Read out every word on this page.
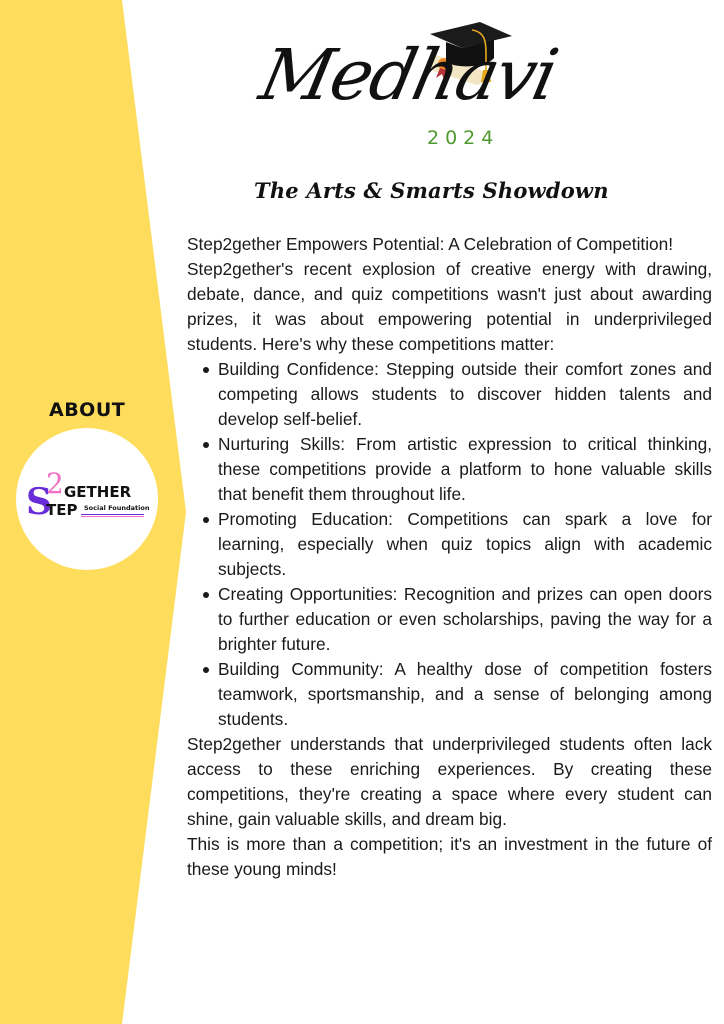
Medhavi
2024
The Arts & Smarts Showdown
ABOUT
S
2 GETHER
TEP Social Foundation

Step2gether Empowers Potential: A Celebration of Competition!

Step2gether's recent explosion of creative energy with drawing, debate, dance, and quiz competitions wasn't just about awarding prizes, it was about empowering potential in underprivileged students. Here's why these competitions matter:

Building Confidence: Stepping outside their comfort zones and competing allows students to discover hidden talents and develop self-belief.
Nurturing Skills: From artistic expression to critical thinking, these competitions provide a platform to hone valuable skills that benefit them throughout life.
Promoting Education: Competitions can spark a love for learning, especially when quiz topics align with academic subjects.
Creating Opportunities: Recognition and prizes can open doors to further education or even scholarships, paving the way for a brighter future.
Building Community: A healthy dose of competition fosters teamwork, sportsmanship, and a sense of belonging among students.

Step2gether understands that underprivileged students often lack access to these enriching experiences. By creating these competitions, they're creating a space where every student can shine, gain valuable skills, and dream big.

This is more than a competition; it's an investment in the future of these young minds!
